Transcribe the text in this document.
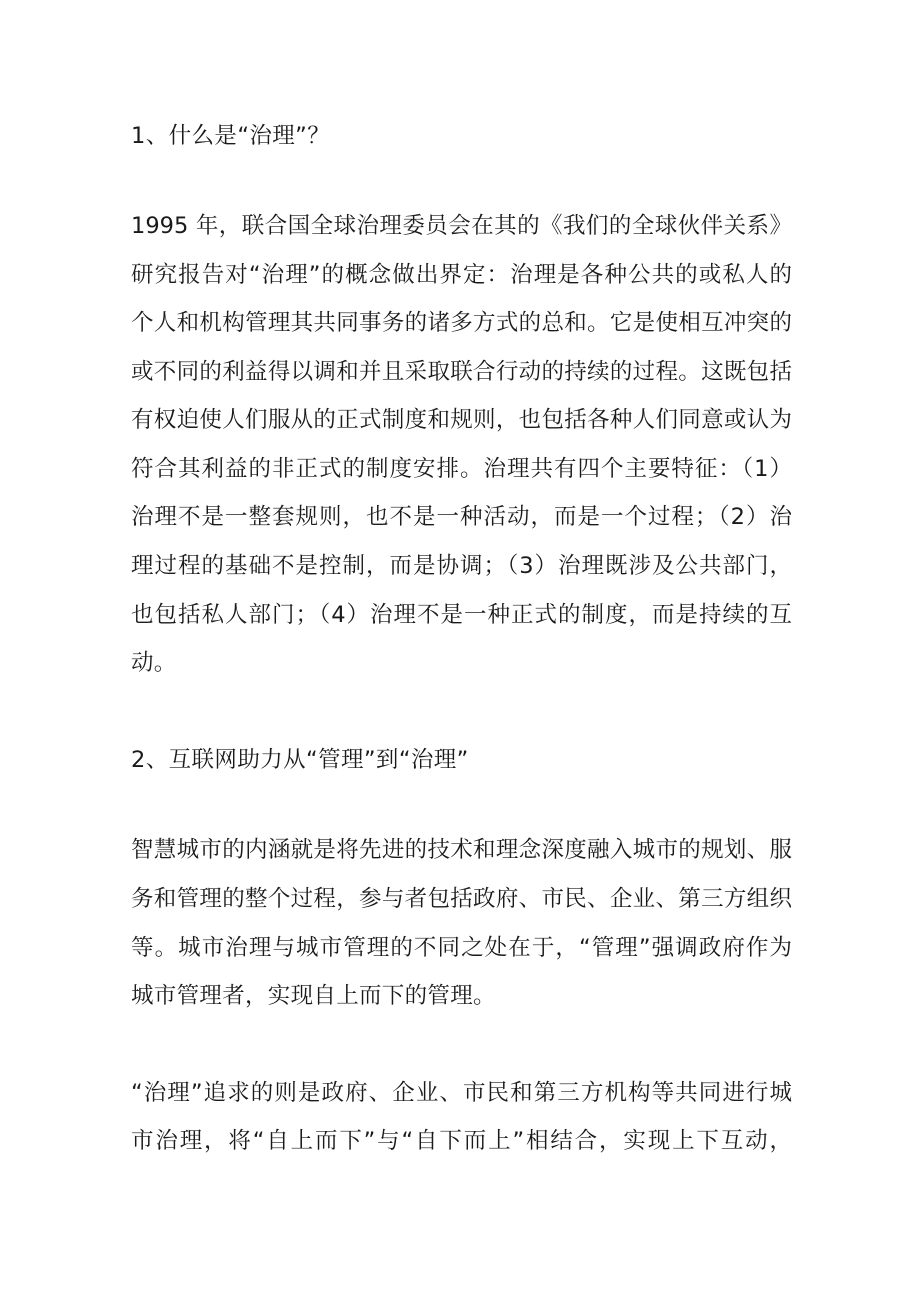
1、什么是“治理”？
1995 年，联合国全球治理委员会在其的《我们的全球伙伴关系》
研究报告对“治理”的概念做出界定：治理是各种公共的或私人的
个人和机构管理其共同事务的诸多方式的总和。它是使相互冲突的
或不同的利益得以调和并且采取联合行动的持续的过程。这既包括
有权迫使人们服从的正式制度和规则，也包括各种人们同意或认为
符合其利益的非正式的制度安排。治理共有四个主要特征：（1）
治理不是一整套规则，也不是一种活动，而是一个过程；（2）治
理过程的基础不是控制，而是协调；（3）治理既涉及公共部门，
也包括私人部门；（4）治理不是一种正式的制度，而是持续的互
动。
2、互联网助力从“管理”到“治理”
智慧城市的内涵就是将先进的技术和理念深度融入城市的规划、服
务和管理的整个过程，参与者包括政府、市民、企业、第三方组织
等。城市治理与城市管理的不同之处在于，“管理”强调政府作为
城市管理者，实现自上而下的管理。
“治理”追求的则是政府、企业、市民和第三方机构等共同进行城
市治理，将“自上而下”与“自下而上”相结合，实现上下互动，
